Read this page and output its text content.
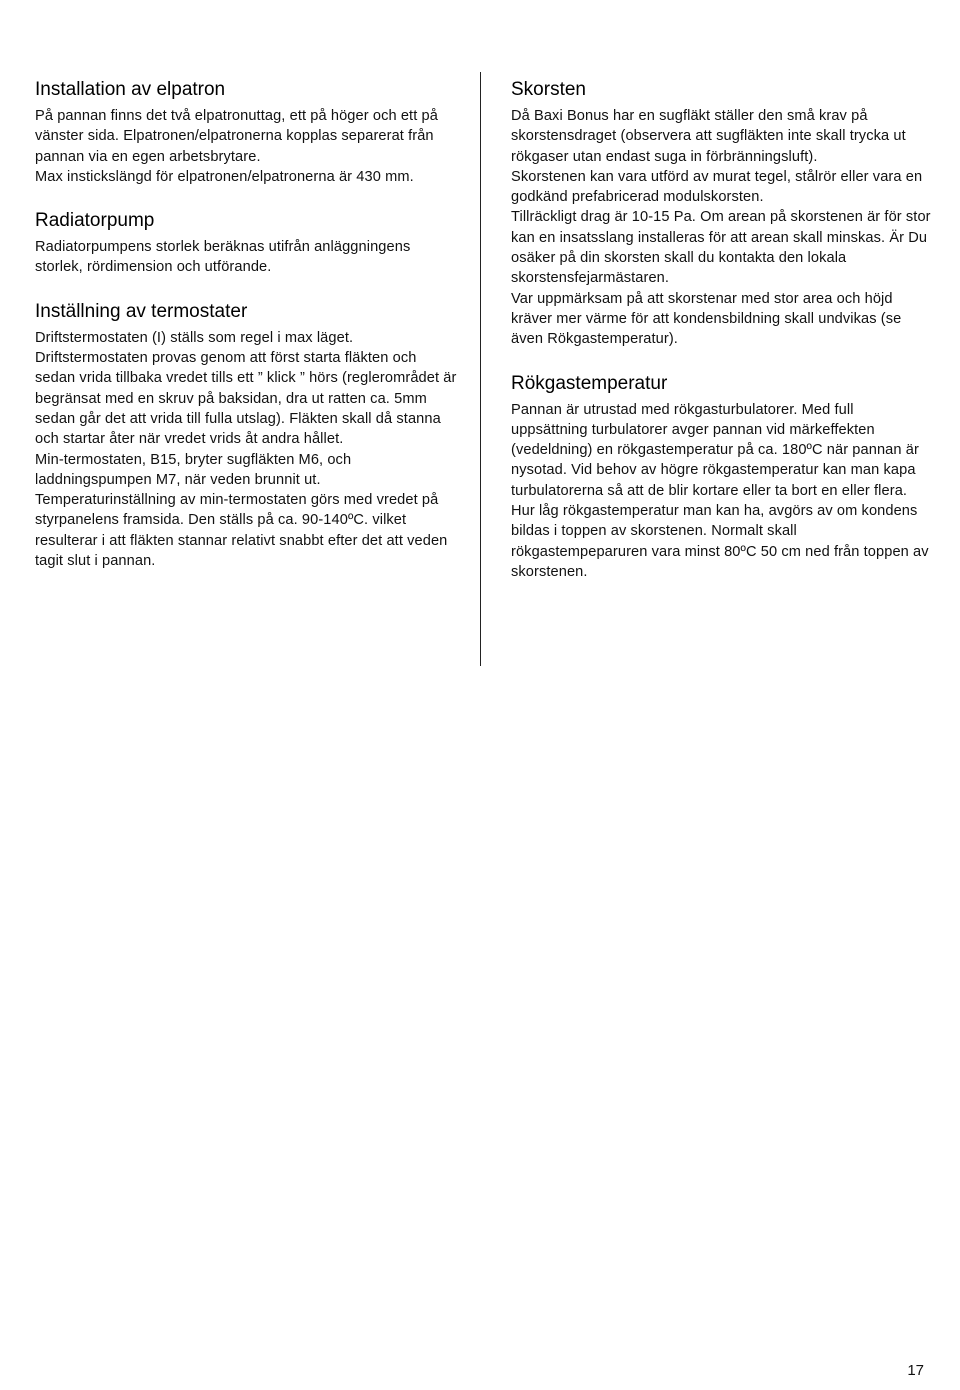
Installation av elpatron

På pannan finns det två elpatronuttag, ett på höger och ett på vänster sida. Elpatronen/elpatronerna kopplas separerat från pannan via en egen arbetsbrytare.

Max instickslängd för elpatronen/elpatronerna är 430 mm.

Radiatorpump

Radiatorpumpens storlek beräknas utifrån anläggningens storlek, rördimension och utförande.

Inställning av termostater

Driftstermostaten (I) ställs som regel i max läget.

Driftstermostaten provas genom att först starta fläkten och sedan vrida tillbaka vredet tills ett ” klick ” hörs (reglerområdet är begränsat med en skruv på baksidan, dra ut ratten ca. 5mm sedan går det att vrida till fulla utslag). Fläkten skall då stanna och startar åter när vredet vrids åt andra hållet.

Min-termostaten, B15, bryter sugfläkten M6, och laddningspumpen M7, när veden brunnit ut.

Temperaturinställning av min-termostaten görs med vredet på styrpanelens framsida. Den ställs på ca. 90-140ºC. vilket resulterar i att fläkten stannar relativt snabbt efter det att veden tagit slut i pannan.

Skorsten

Då Baxi Bonus har en sugfläkt ställer den små krav på skorstensdraget (observera att sugfläkten inte skall trycka ut rökgaser utan endast suga in förbränningsluft).

Skorstenen kan vara utförd av murat tegel, stålrör eller vara en godkänd prefabricerad modulskorsten.

Tillräckligt drag är 10-15 Pa. Om arean på skorstenen är för stor kan en insatsslang installeras för att arean skall minskas. Är Du osäker på din skorsten skall du kontakta den lokala skorstensfejarmästaren.

Var uppmärksam på att skorstenar med stor area och höjd kräver mer värme för att kondensbildning skall undvikas (se även Rökgastemperatur).

Rökgastemperatur

Pannan är utrustad med rökgasturbulatorer. Med full uppsättning turbulatorer avger pannan vid märkeffekten (vedeldning) en rökgastemperatur på ca. 180ºC när pannan är nysotad. Vid behov av högre rökgastemperatur kan man kapa turbulatorerna så att de blir kortare eller ta bort en eller flera.

Hur låg rökgastemperatur man kan ha, avgörs av om kondens bildas i toppen av skorstenen. Normalt skall rökgastempераruren vara minst 80ºC 50 cm ned från toppen av skorstenen.

17
